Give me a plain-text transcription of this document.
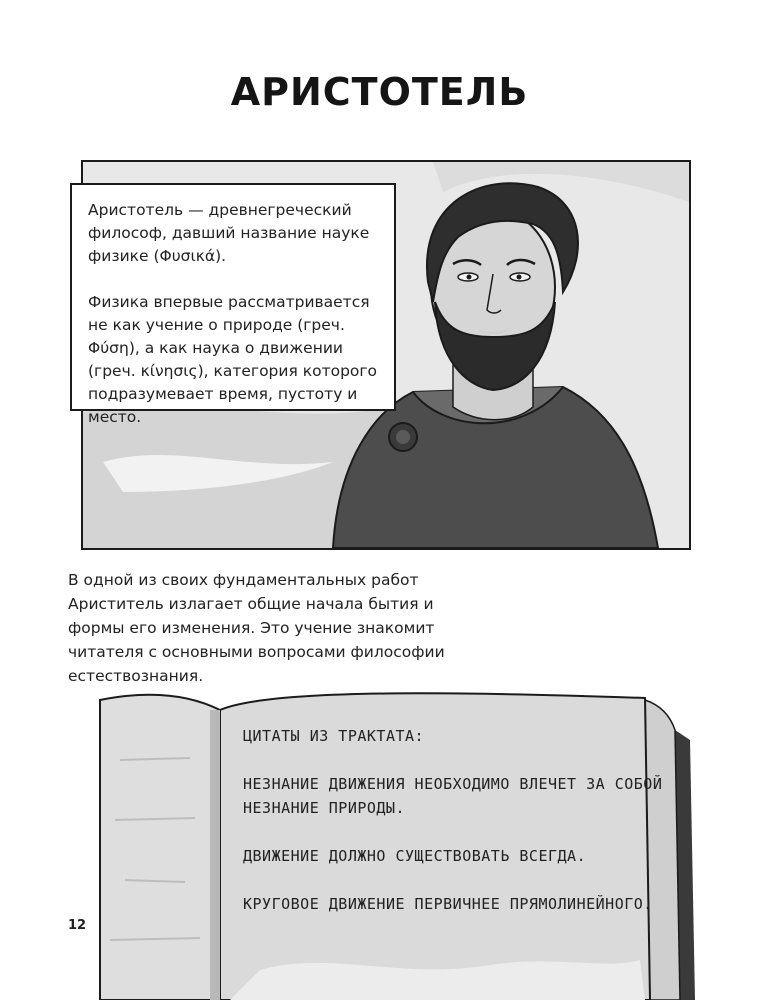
АРИСТОТЕЛЬ

Аристотель — древнегреческий философ, давший название науке физике (Φυσικά).

Физика впервые рассматривается не как учение о природе (греч. Φύση), а как наука о движении (греч. κίνησις), категория которого подразумевает время, пустоту и место.

В одной из своих фундаментальных работ Ариститель излагает общие начала бытия и формы его изменения. Это учение знакомит читателя с основными вопросами философии естествознания.
ЦИТАТЫ ИЗ ТРАКТАТА:
НЕЗНАНИЕ ДВИЖЕНИЯ НЕОБХОДИМО ВЛЕЧЕТ ЗА СОБОЙ НЕЗНАНИЕ ПРИРОДЫ.
ДВИЖЕНИЕ ДОЛЖНО СУЩЕСТВОВАТЬ ВСЕГДА.
КРУГОВОЕ ДВИЖЕНИЕ ПЕРВИЧНЕЕ ПРЯМОЛИНЕЙНОГО.
12
